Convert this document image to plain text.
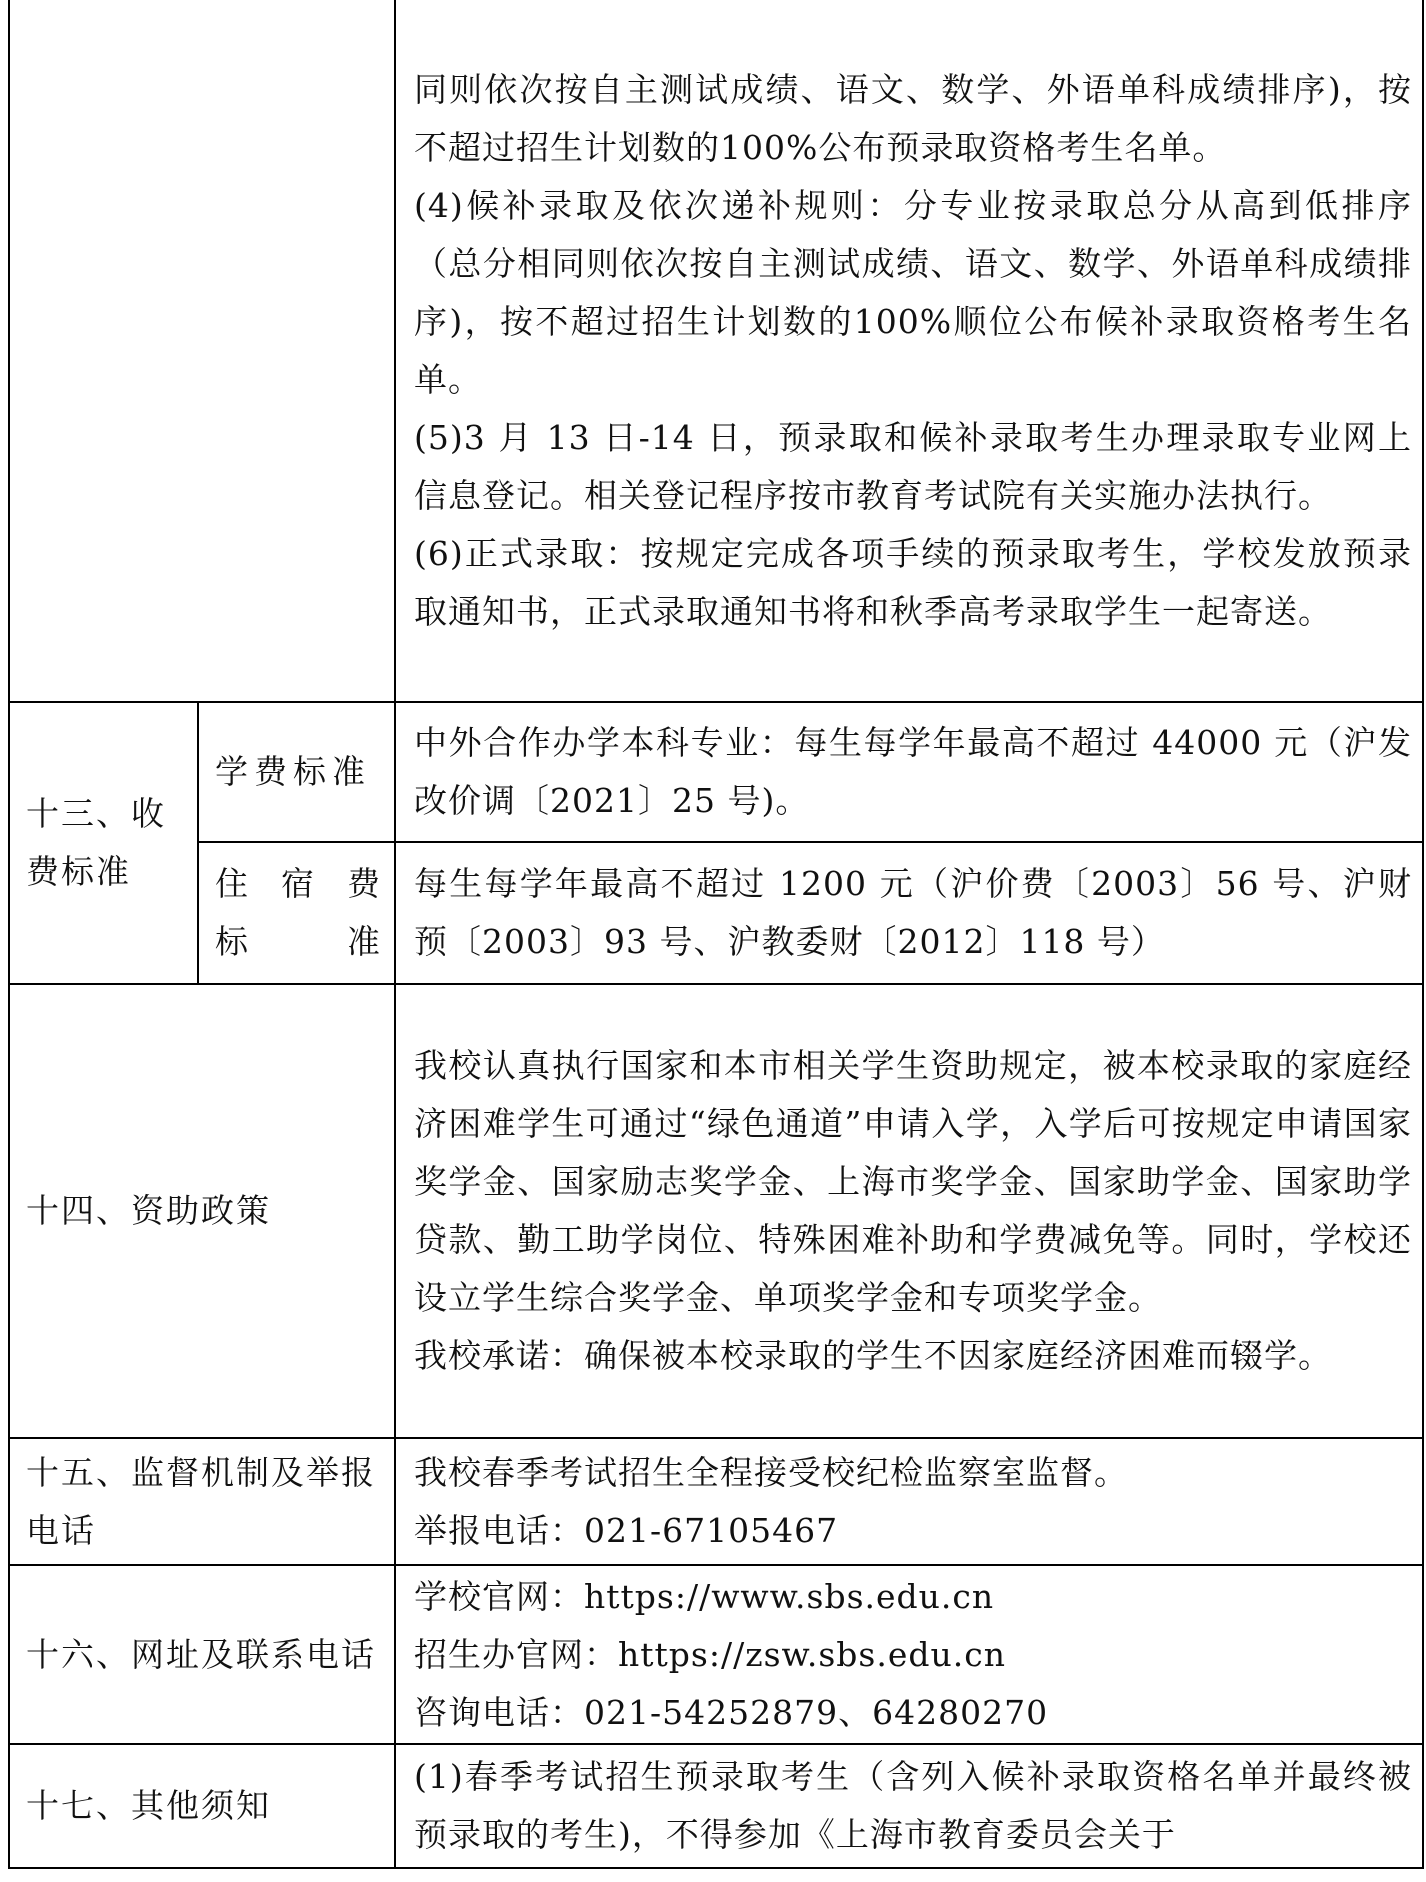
		同则依次按自主测试成绩、语文、数学、外语单科成绩排序)，按不超过招生计划数的100%公布预录取资格考生名单。

(4)候补录取及依次递补规则：分专业按录取总分从高到低排序（总分相同则依次按自主测试成绩、语文、数学、外语单科成绩排序)，按不超过招生计划数的100%顺位公布候补录取资格考生名单。

(5)3 月 13 日-14 日，预录取和候补录取考生办理录取专业网上信息登记。相关登记程序按市教育考试院有关实施办法执行。

(6)正式录取：按规定完成各项手续的预录取考生，学校发放预录取通知书，正式录取通知书将和秋季高考录取学生一起寄送。

十三、收费标准	学费标准	中外合作办学本科专业：每生每学年最高不超过 44000 元（沪发改价调〔2021〕25 号)。

	住 宿 费
标 准	每生每学年最高不超过 1200 元（沪价费〔2003〕56 号、沪财预〔2003〕93 号、沪教委财〔2012〕118 号）
十四、资助政策		我校认真执行国家和本市相关学生资助规定，被本校录取的家庭经济困难学生可通过“绿色通道”申请入学，入学后可按规定申请国家奖学金、国家励志奖学金、上海市奖学金、国家助学金、国家助学贷款、勤工助学岗位、特殊困难补助和学费减免等。同时，学校还设立学生综合奖学金、单项奖学金和专项奖学金。

我校承诺：确保被本校录取的学生不因家庭经济困难而辍学。

十五、监督机制及举报电话		我校春季考试招生全程接受校纪检监察室监督。

举报电话：021-67105467

十六、网址及联系电话		学校官网：https://www.sbs.edu.cn

招生办官网：https://zsw.sbs.edu.cn

咨询电话：021-54252879、64280270

十七、其他须知		(1)春季考试招生预录取考生（含列入候补录取资格名单并最终被预录取的考生)，不得参加《上海市教育委员会关于
